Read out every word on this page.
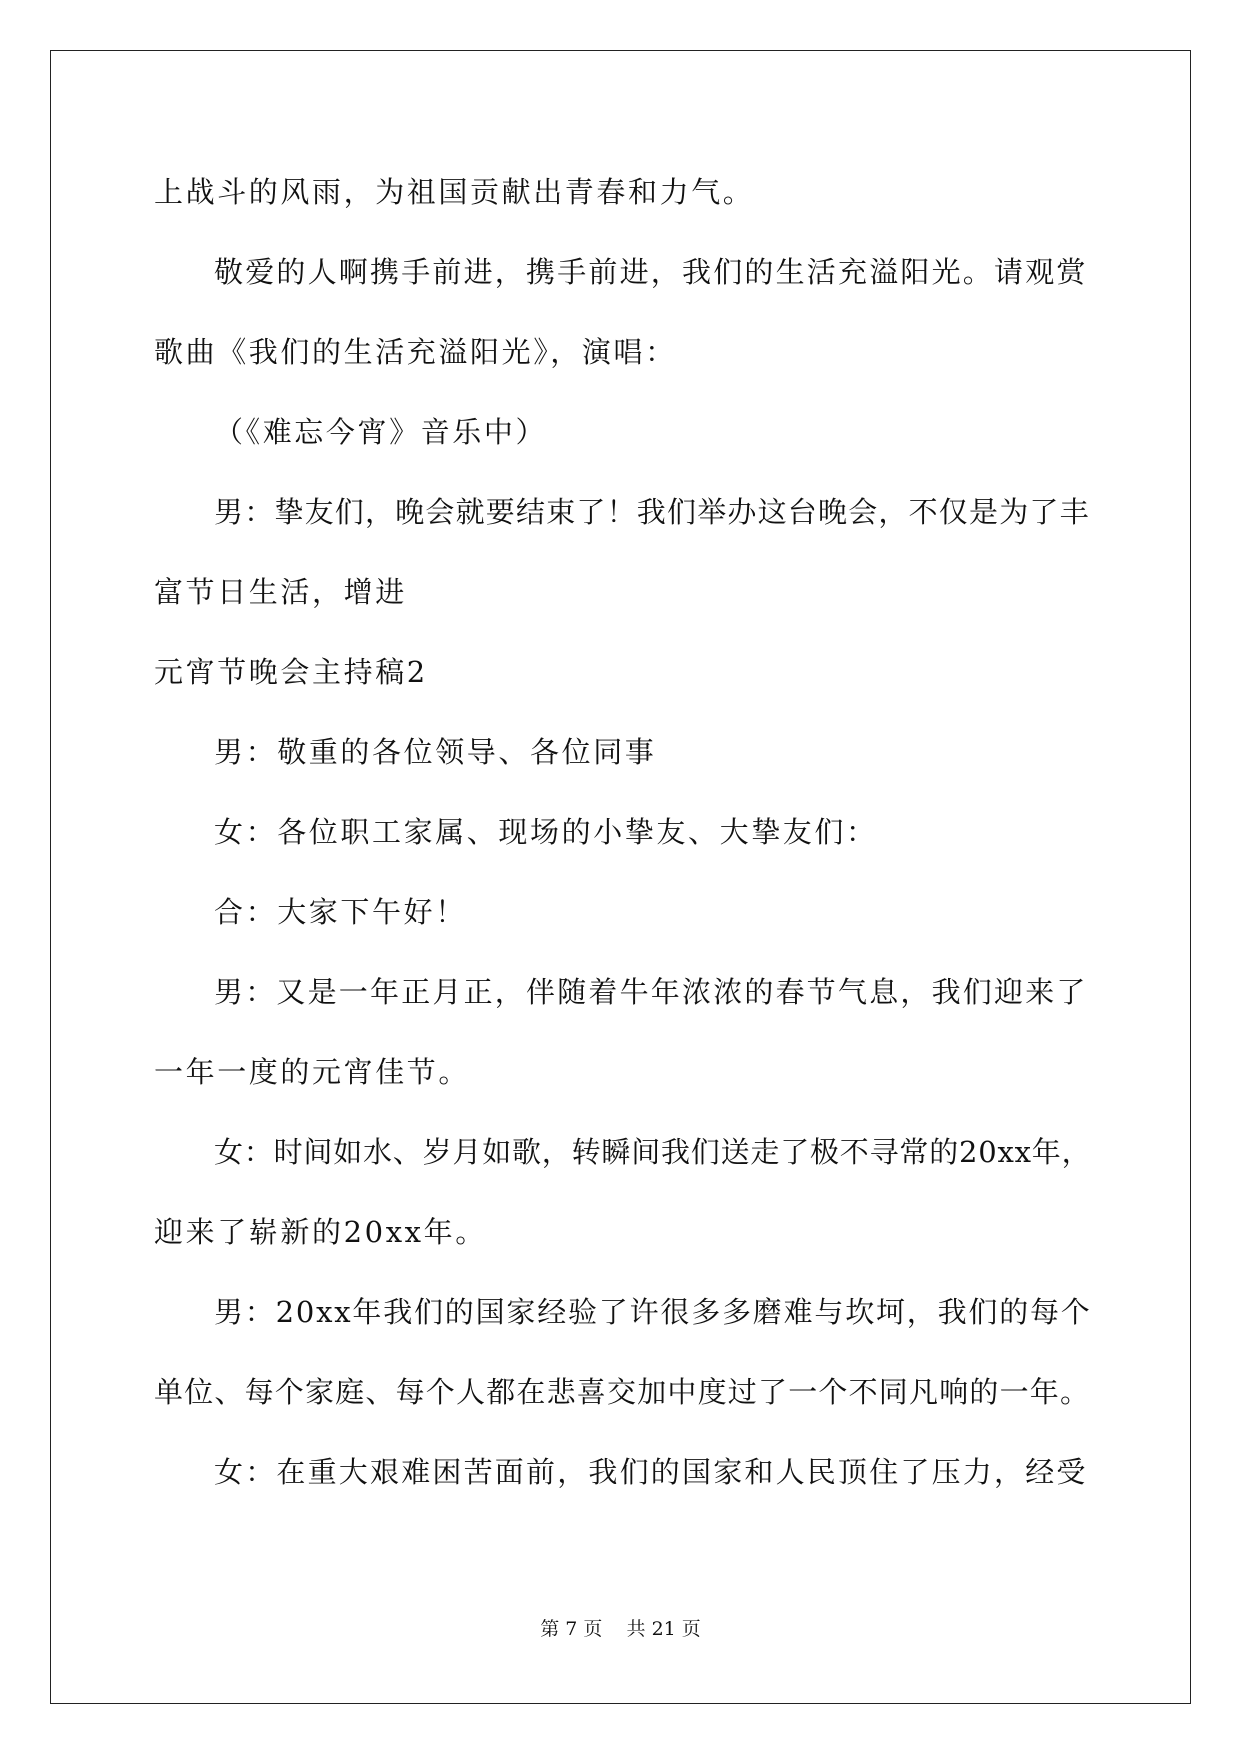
上战斗的风雨，为祖国贡献出青春和力气。
敬爱的人啊携手前进，携手前进，我们的生活充溢阳光。请观赏
歌曲《我们的生活充溢阳光》，演唱：
（《难忘今宵》音乐中）
男：挚友们，晚会就要结束了！我们举办这台晚会，不仅是为了丰
富节日生活，增进
元宵节晚会主持稿2
男：敬重的各位领导、各位同事
女：各位职工家属、现场的小挚友、大挚友们：
合：大家下午好！
男：又是一年正月正，伴随着牛年浓浓的春节气息，我们迎来了
一年一度的元宵佳节。
女：时间如水、岁月如歌，转瞬间我们送走了极不寻常的20xx年，
迎来了崭新的20xx年。
男：20xx年我们的国家经验了许很多多磨难与坎坷，我们的每个
单位、每个家庭、每个人都在悲喜交加中度过了一个不同凡响的一年。
女：在重大艰难困苦面前，我们的国家和人民顶住了压力，经受
第 7 页    共 21 页
